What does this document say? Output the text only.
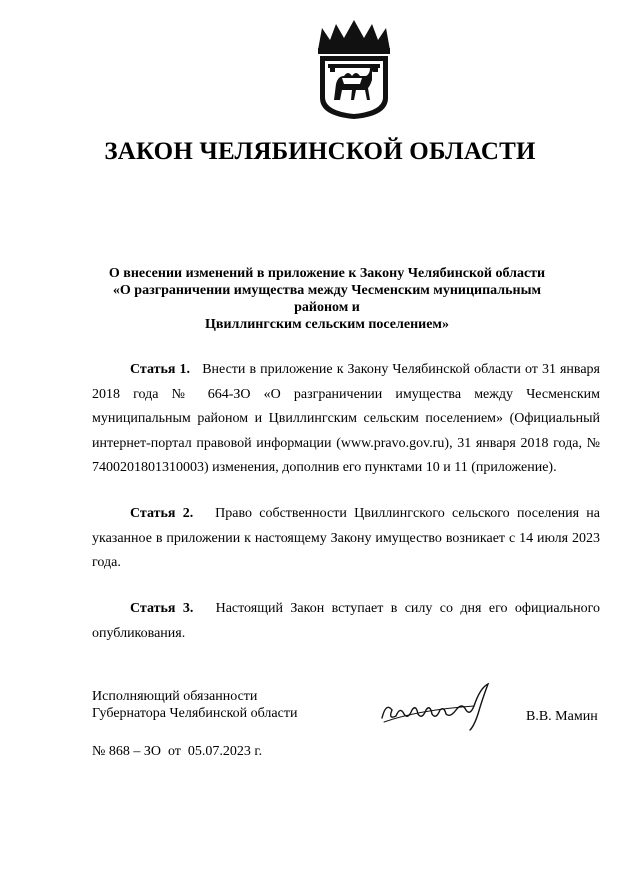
ЗАКОН ЧЕЛЯБИНСКОЙ ОБЛАСТИ
О внесении изменений в приложение к Закону Челябинской области
«О разграничении имущества между Чесменским муниципальным районом и
Цвиллингским сельским поселением»
Статья 1. Внести в приложение к Закону Челябинской области от 31 января 2018 года № 664-ЗО «О разграничении имущества между Чесменским муниципальным районом и Цвиллингским сельским поселением» (Официальный интернет-портал правовой информации (www.pravo.gov.ru), 31 января 2018 года, № 7400201801310003) изменения, дополнив его пунктами 10 и 11 (приложение).
Статья 2. Право собственности Цвиллингского сельского поселения на указанное в приложении к настоящему Закону имущество возникает с 14 июля 2023 года.
Статья 3. Настоящий Закон вступает в силу со дня его официального опубликования.
Исполняющий обязанности
Губернатора Челябинской области	В.В. Мамин
№ 868 – ЗО  от  05.07.2023 г.
